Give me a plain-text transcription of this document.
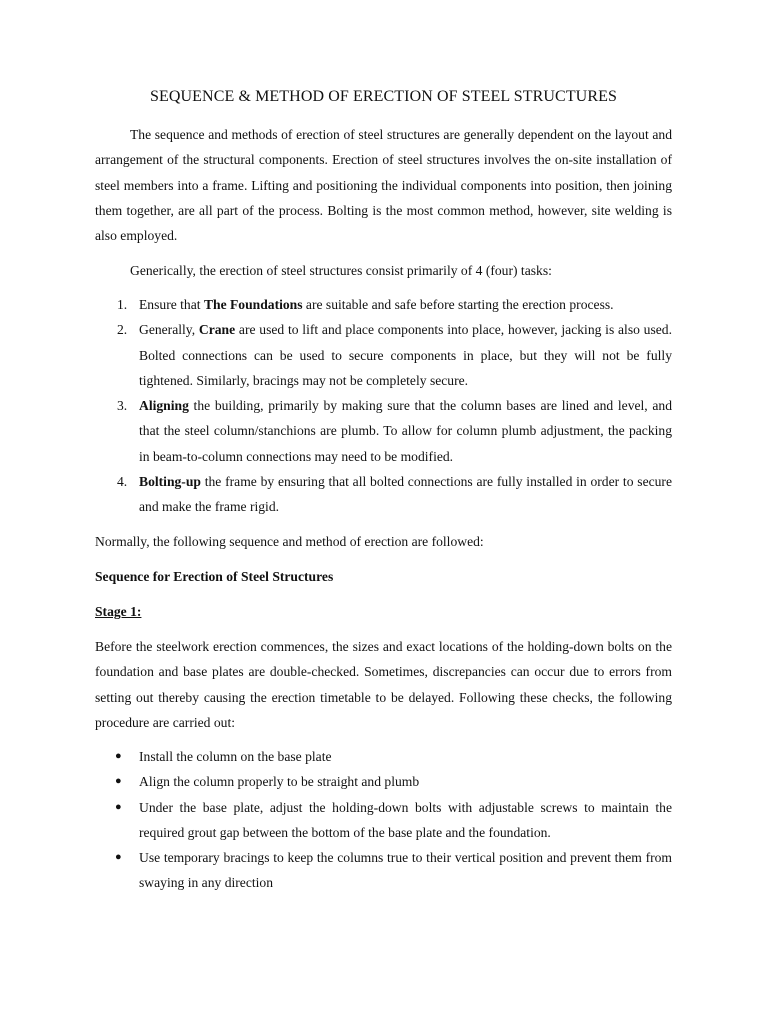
SEQUENCE & METHOD OF ERECTION OF STEEL STRUCTURES

The sequence and methods of erection of steel structures are generally dependent on the layout and arrangement of the structural components. Erection of steel structures involves the on-site installation of steel members into a frame. Lifting and positioning the individual components into position, then joining them together, are all part of the process. Bolting is the most common method, however, site welding is also employed.

Generically, the erection of steel structures consist primarily of 4 (four) tasks:

1. Ensure that The Foundations are suitable and safe before starting the erection process.
2. Generally, Crane are used to lift and place components into place, however, jacking is also used. Bolted connections can be used to secure components in place, but they will not be fully tightened. Similarly, bracings may not be completely secure.
3. Aligning the building, primarily by making sure that the column bases are lined and level, and that the steel column/stanchions are plumb. To allow for column plumb adjustment, the packing in beam-to-column connections may need to be modified.
4. Bolting-up the frame by ensuring that all bolted connections are fully installed in order to secure and make the frame rigid.

Normally, the following sequence and method of erection are followed:

Sequence for Erection of Steel Structures

Stage 1:

Before the steelwork erection commences, the sizes and exact locations of the holding-down bolts on the foundation and base plates are double-checked. Sometimes, discrepancies can occur due to errors from setting out thereby causing the erection timetable to be delayed. Following these checks, the following procedure are carried out:

● Install the column on the base plate
● Align the column properly to be straight and plumb
● Under the base plate, adjust the holding-down bolts with adjustable screws to maintain the required grout gap between the bottom of the base plate and the foundation.
● Use temporary bracings to keep the columns true to their vertical position and prevent them from swaying in any direction
